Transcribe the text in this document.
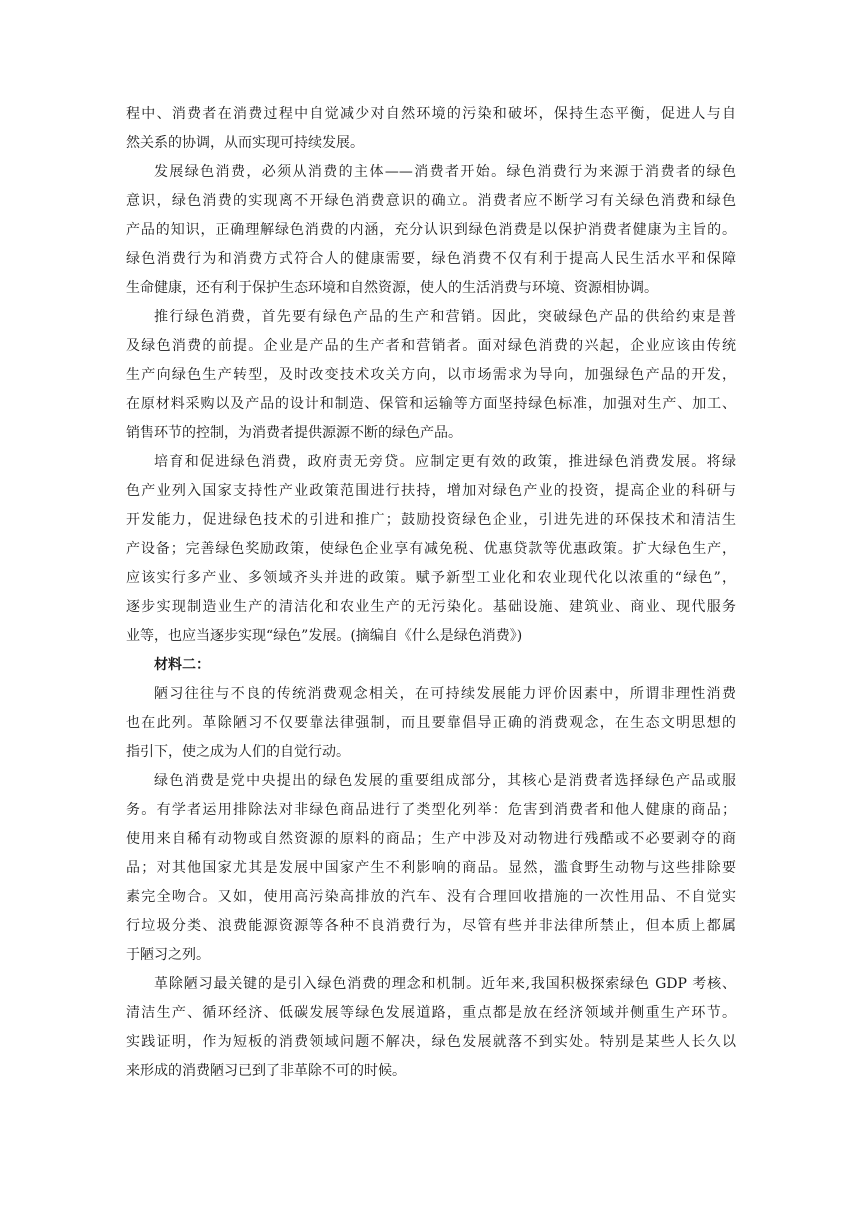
程中、消费者在消费过程中自觉减少对自然环境的污染和破坏，保持生态平衡，促进人与自
然关系的协调，从而实现可持续发展。
发展绿色消费，必须从消费的主体——消费者开始。绿色消费行为来源于消费者的绿色
意识，绿色消费的实现离不开绿色消费意识的确立。消费者应不断学习有关绿色消费和绿色
产品的知识，正确理解绿色消费的内涵，充分认识到绿色消费是以保护消费者健康为主旨的。
绿色消费行为和消费方式符合人的健康需要，绿色消费不仅有利于提高人民生活水平和保障
生命健康，还有利于保护生态环境和自然资源，使人的生活消费与环境、资源相协调。
推行绿色消费，首先要有绿色产品的生产和营销。因此，突破绿色产品的供给约束是普
及绿色消费的前提。企业是产品的生产者和营销者。面对绿色消费的兴起，企业应该由传统
生产向绿色生产转型，及时改变技术攻关方向，以市场需求为导向，加强绿色产品的开发，
在原材料采购以及产品的设计和制造、保管和运输等方面坚持绿色标准，加强对生产、加工、
销售环节的控制，为消费者提供源源不断的绿色产品。
培育和促进绿色消费，政府责无旁贷。应制定更有效的政策，推进绿色消费发展。将绿
色产业列入国家支持性产业政策范围进行扶持，增加对绿色产业的投资，提高企业的科研与
开发能力，促进绿色技术的引进和推广；鼓励投资绿色企业，引进先进的环保技术和清洁生
产设备；完善绿色奖励政策，使绿色企业享有减免税、优惠贷款等优惠政策。扩大绿色生产，
应该实行多产业、多领域齐头并进的政策。赋予新型工业化和农业现代化以浓重的“绿色”，
逐步实现制造业生产的清洁化和农业生产的无污染化。基础设施、建筑业、商业、现代服务
业等，也应当逐步实现“绿色”发展。(摘编自《什么是绿色消费》)
材料二：
陋习往往与不良的传统消费观念相关，在可持续发展能力评价因素中，所谓非理性消费
也在此列。革除陋习不仅要靠法律强制，而且要靠倡导正确的消费观念，在生态文明思想的
指引下，使之成为人们的自觉行动。
绿色消费是党中央提出的绿色发展的重要组成部分，其核心是消费者选择绿色产品或服
务。有学者运用排除法对非绿色商品进行了类型化列举：危害到消费者和他人健康的商品；
使用来自稀有动物或自然资源的原料的商品；生产中涉及对动物进行残酷或不必要剥夺的商
品；对其他国家尤其是发展中国家产生不利影响的商品。显然，滥食野生动物与这些排除要
素完全吻合。又如，使用高污染高排放的汽车、没有合理回收措施的一次性用品、不自觉实
行垃圾分类、浪费能源资源等各种不良消费行为，尽管有些并非法律所禁止，但本质上都属
于陋习之列。
革除陋习最关键的是引入绿色消费的理念和机制。近年来,我国积极探索绿色 GDP 考核、
清洁生产、循环经济、低碳发展等绿色发展道路，重点都是放在经济领域并侧重生产环节。
实践证明，作为短板的消费领域问题不解决，绿色发展就落不到实处。特别是某些人长久以
来形成的消费陋习已到了非革除不可的时候。
